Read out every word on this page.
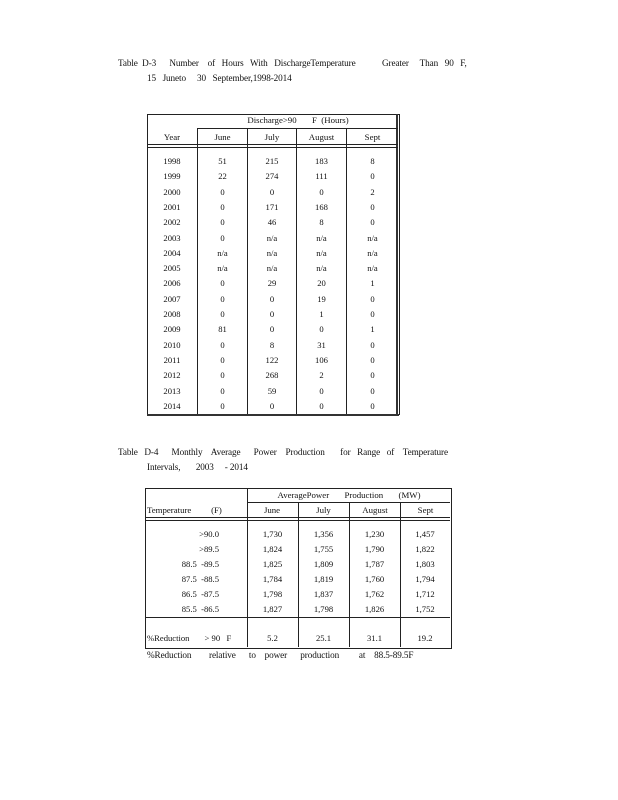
Table  D-3      Number    of   Hours   With   DischargeTemperature            Greater     Than   90   F,
15   Juneto     30   September,1998-2014
Discharge>90       F  (Hours)
Year	June	July	August	Sept
1998	51	215	183	8
1999	22	274	111	0
2000	0	0	0	2
2001	0	171	168	0
2002	0	46	8	0
2003	0	n/a	n/a	n/a
2004	n/a	n/a	n/a	n/a
2005	n/a	n/a	n/a	n/a
2006	0	29	20	1
2007	0	0	19	0
2008	0	0	1	0
2009	81	0	0	1
2010	0	8	31	0
2011	0	122	106	0
2012	0	268	2	0
2013	0	59	0	0
2014	0	0	0	0
Table   D-4      Monthly    Average      Power    Production       for   Range   of    Temperature
Intervals,       2003     - 2014
AveragePower       Production       (MW)
Temperature         (F)	June	July	August	Sept
>90.0	1,730	1,356	1,230	1,457
>89.5	1,824	1,755	1,790	1,822
88.5  -89.5	1,825	1,809	1,787	1,803
87.5  -88.5	1,784	1,819	1,760	1,794
86.5  -87.5	1,798	1,837	1,762	1,712
85.5  -86.5	1,827	1,798	1,826	1,752
%Reduction       > 90   F	5.2	25.1	31.1	19.2
%Reduction        relative      to    power      production         at    88.5-89.5F
